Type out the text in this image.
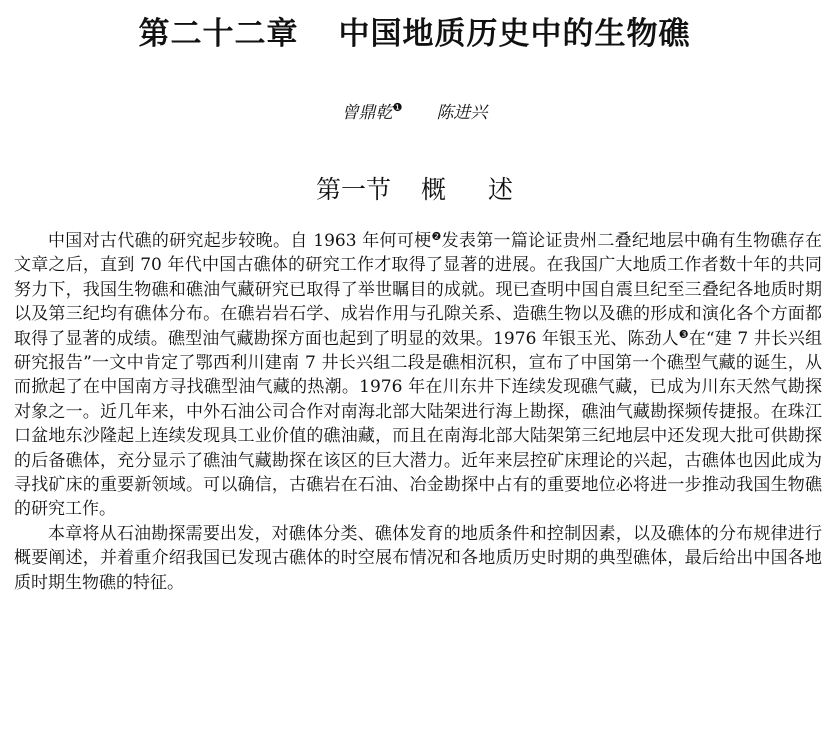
第二十二章 中国地质历史中的生物礁
曾鼎乾$^❶$ 陈进兴
第一节 概 述

中国对古代礁的研究起步较晚。自 1963 年何可梗$^❷$发表第一篇论证贵州二叠纪地层中确有生物礁存在文章之后，直到 70 年代中国古礁体的研究工作才取得了显著的进展。在我国广大地质工作者数十年的共同努力下，我国生物礁和礁油气藏研究已取得了举世瞩目的成就。现已查明中国自震旦纪至三叠纪各地质时期以及第三纪均有礁体分布。在礁岩岩石学、成岩作用与孔隙关系、造礁生物以及礁的形成和演化各个方面都取得了显著的成绩。礁型油气藏勘探方面也起到了明显的效果。1976 年银玉光、陈劲人$^❸$在“建 7 井长兴组研究报告”一文中肯定了鄂西利川建南 7 井长兴组二段是礁相沉积，宣布了中国第一个礁型气藏的诞生，从而掀起了在中国南方寻找礁型油气藏的热潮。1976 年在川东井下连续发现礁气藏，已成为川东天然气勘探对象之一。近几年来，中外石油公司合作对南海北部大陆架进行海上勘探，礁油气藏勘探频传捷报。在珠江口盆地东沙隆起上连续发现具工业价值的礁油藏，而且在南海北部大陆架第三纪地层中还发现大批可供勘探的后备礁体，充分显示了礁油气藏勘探在该区的巨大潜力。近年来层控矿床理论的兴起，古礁体也因此成为寻找矿床的重要新领域。可以确信，古礁岩在石油、冶金勘探中占有的重要地位必将进一步推动我国生物礁的研究工作。

本章将从石油勘探需要出发，对礁体分类、礁体发育的地质条件和控制因素，以及礁体的分布规律进行概要阐述，并着重介绍我国已发现古礁体的时空展布情况和各地质历史时期的典型礁体，最后给出中国各地质时期生物礁的特征。
